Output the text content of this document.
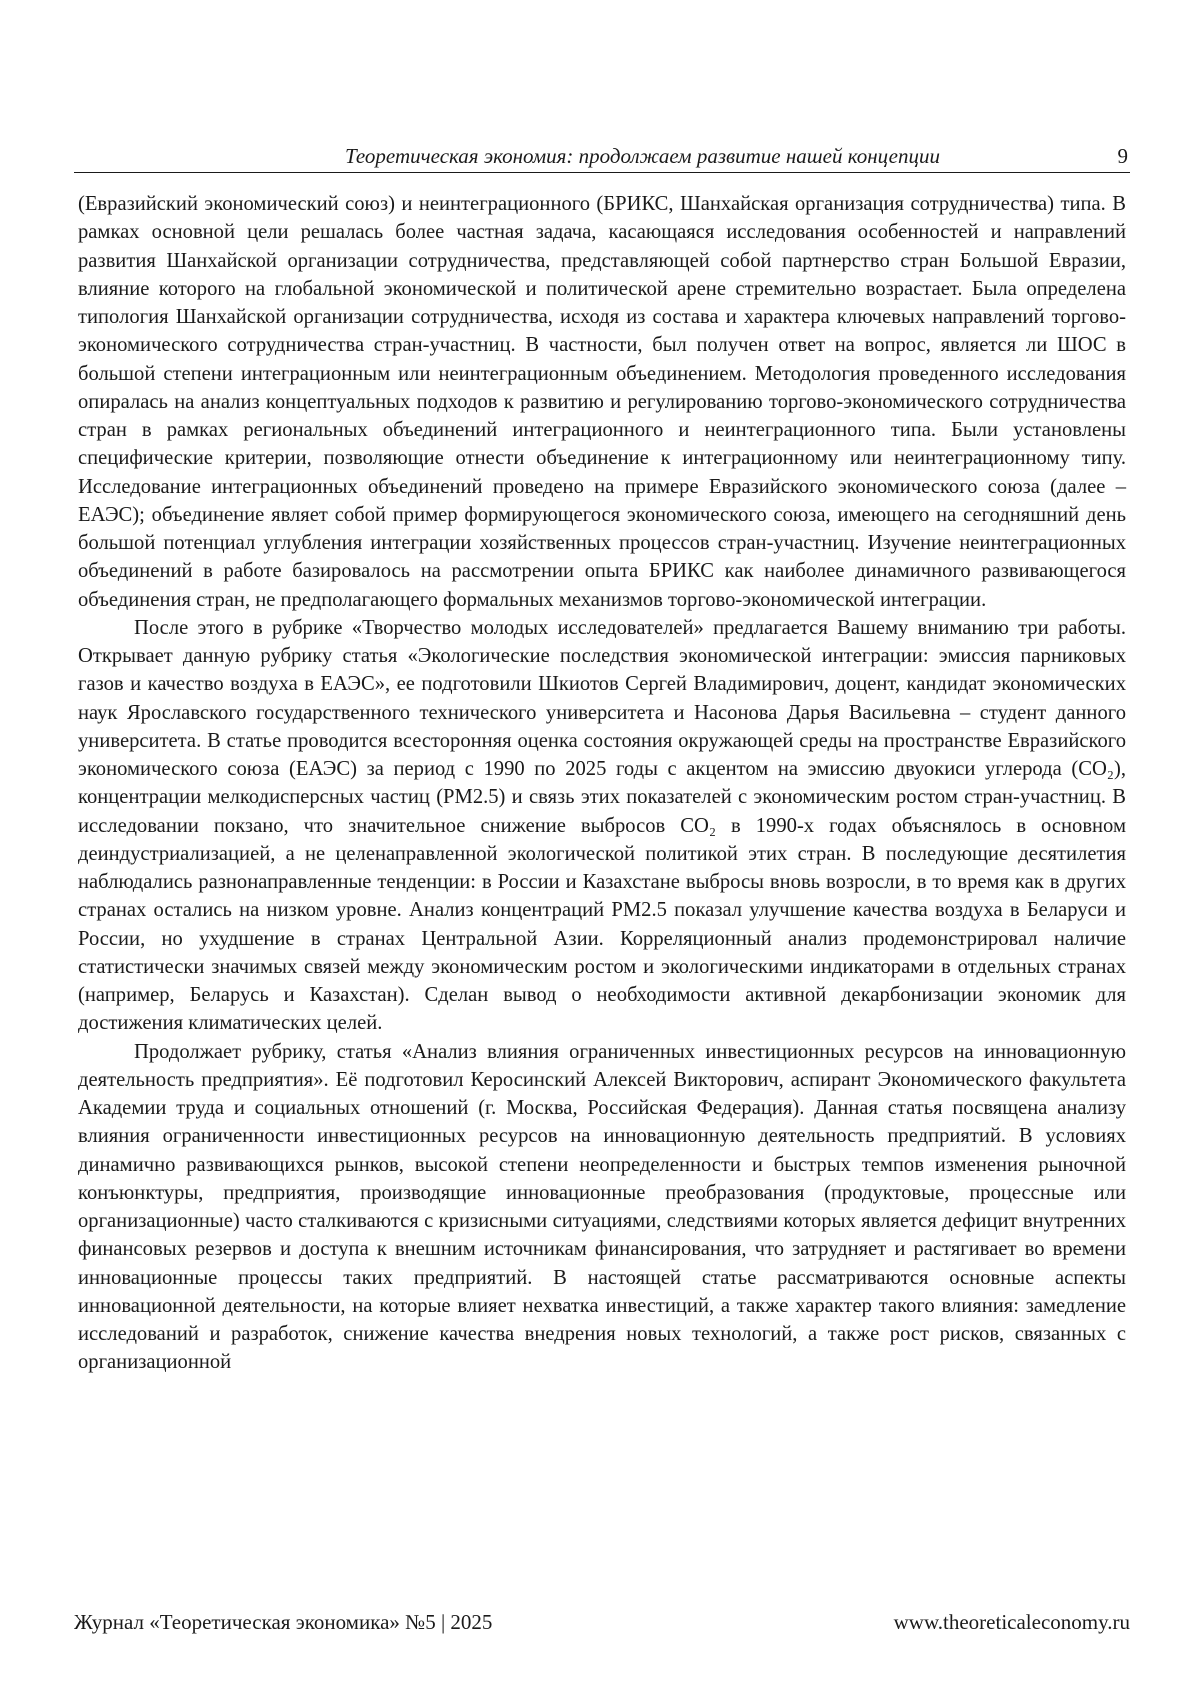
Теоретическая экономия: продолжаем развитие нашей концепции	9

(Евразийский экономический союз) и неинтеграционного (БРИКС, Шанхайская организация сотрудничества) типа. В рамках основной цели решалась более частная задача, касающаяся исследования особенностей и направлений развития Шанхайской организации сотрудничества, представляющей собой партнерство стран Большой Евразии, влияние которого на глобальной экономической и политической арене стремительно возрастает. Была определена типология Шанхайской организации сотрудничества, исходя из состава и характера ключевых направлений торгово-экономического сотрудничества стран-участниц. В частности, был получен ответ на вопрос, является ли ШОС в большой степени интеграционным или неинтеграционным объединением. Методология проведенного исследования опиралась на анализ концептуальных подходов к развитию и регулированию торгово-экономического сотрудничества стран в рамках региональных объединений интеграционного и неинтеграционного типа. Были установлены специфические критерии, позволяющие отнести объединение к интеграционному или неинтеграционному типу. Исследование интеграционных объединений проведено на примере Евразийского экономического союза (далее – ЕАЭС); объединение являет собой пример формирующегося экономического союза, имеющего на сегодняшний день большой потенциал углубления интеграции хозяйственных процессов стран-участниц. Изучение неинтеграционных объединений в работе базировалось на рассмотрении опыта БРИКС как наиболее динамичного развивающегося объединения стран, не предполагающего формальных механизмов торгово-экономической интеграции.

После этого в рубрике «Творчество молодых исследователей» предлагается Вашему вниманию три работы. Открывает данную рубрику статья «Экологические последствия экономической интеграции: эмиссия парниковых газов и качество воздуха в ЕАЭС», ее подготовили Шкиотов Сергей Владимирович, доцент, кандидат экономических наук Ярославского государственного технического университета и Насонова Дарья Васильевна – студент данного университета. В статье проводится всесторонняя оценка состояния окружающей среды на пространстве Евразийского экономического союза (ЕАЭС) за период с 1990 по 2025 годы с акцентом на эмиссию двуокиси углерода (CO₂), концентрации мелкодисперсных частиц (PM2.5) и связь этих показателей с экономическим ростом стран-участниц. В исследовании покзано, что значительное снижение выбросов CO₂ в 1990-х годах объяснялось в основном деиндустриализацией, а не целенаправленной экологической политикой этих стран. В последующие десятилетия наблюдались разнонаправленные тенденции: в России и Казахстане выбросы вновь возросли, в то время как в других странах остались на низком уровне. Анализ концентраций PM2.5 показал улучшение качества воздуха в Беларуси и России, но ухудшение в странах Центральной Азии. Корреляционный анализ продемонстрировал наличие статистически значимых связей между экономическим ростом и экологическими индикаторами в отдельных странах (например, Беларусь и Казахстан). Сделан вывод о необходимости активной декарбонизации экономик для достижения климатических целей.

Продолжает рубрику, статья «Анализ влияния ограниченных инвестиционных ресурсов на инновационную деятельность предприятия». Её подготовил Керосинский Алексей Викторович, аспирант Экономического факультета Академии труда и социальных отношений (г. Москва, Российская Федерация). Данная статья посвящена анализу влияния ограниченности инвестиционных ресурсов на инновационную деятельность предприятий. В условиях динамично развивающихся рынков, высокой степени неопределенности и быстрых темпов изменения рыночной конъюнктуры, предприятия, производящие инновационные преобразования (продуктовые, процессные или организационные) часто сталкиваются с кризисными ситуациями, следствиями которых является дефицит внутренних финансовых резервов и доступа к внешним источникам финансирования, что затрудняет и растягивает во времени инновационные процессы таких предприятий. В настоящей статье рассматриваются основные аспекты инновационной деятельности, на которые влияет нехватка инвестиций, а также характер такого влияния: замедление исследований и разработок, снижение качества внедрения новых технологий, а также рост рисков, связанных с организационной

Журнал «Теоретическая экономика» №5 | 2025	www.theoreticaleconomy.ru
